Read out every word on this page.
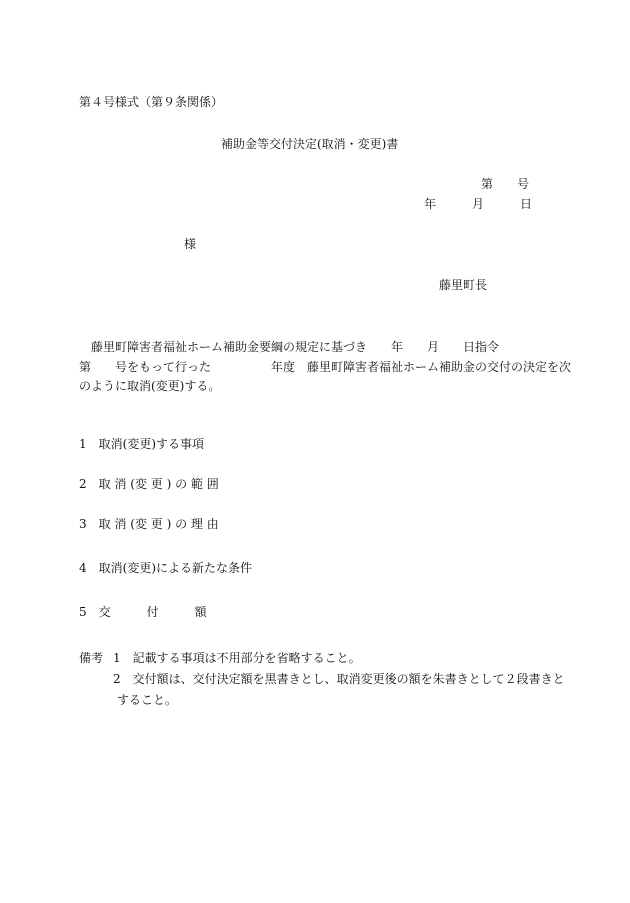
第４号様式（第９条関係）
補助金等交付決定(取消・変更)書
第　　号
年　　　月　　　日
様
藤里町長
藤里町障害者福祉ホーム補助金要綱の規定に基づき　　年　　月　　日指令
第　　号をもって行った　　　　　年度　藤里町障害者福祉ホーム補助金の交付の決定を次
のように取消(変更)する。
1　取消(変更)する事項
2　取 消 (変 更 ) の 範 囲
3　取 消 (変 更 ) の 理 由
4　取消(変更)による新たな条件
5　交　　　付　　　額
備考 1　記載する事項は不用部分を省略すること。
2　交付額は、交付決定額を黒書きとし、取消変更後の額を朱書きとして２段書きと
すること。
